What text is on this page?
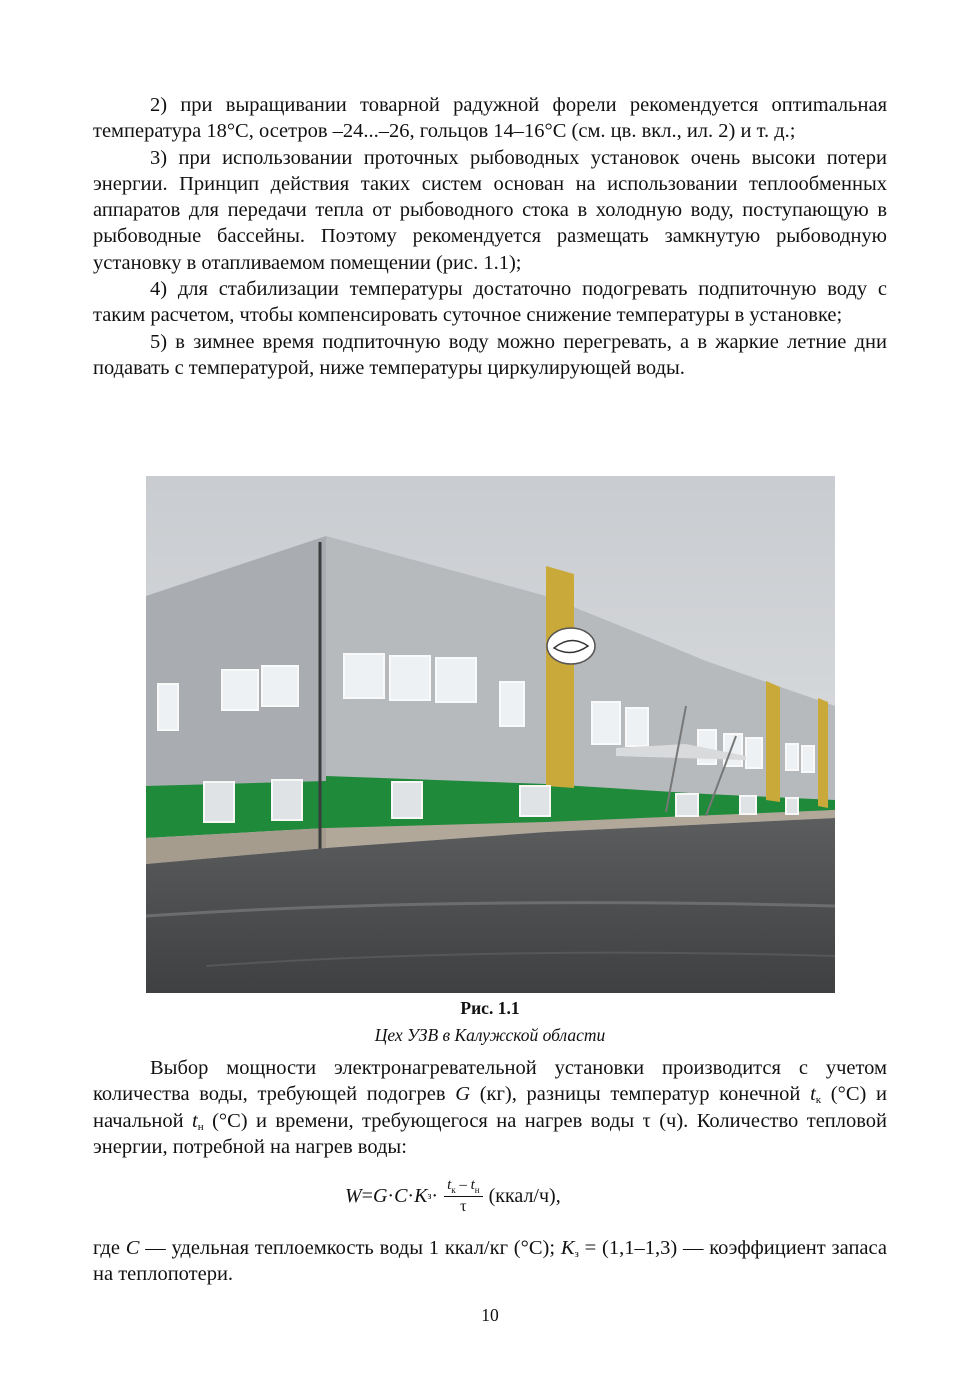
2) при выращивании товарной радужной форели рекомендуется оптиmальная температура 18°С, осетров –24...–26, гольцов 14–16°С (см. цв. вкл., ил. 2) и т. д.;

3) при использовании проточных рыбоводных установок очень высоки потери энергии. Принцип действия таких систем основан на использовании теплообменных аппаратов для передачи тепла от рыбоводного стока в холодную воду, поступающую в рыбоводные бассейны. Поэтому рекомендуется размещать замкнутую рыбоводную установку в отапливаемом помещении (рис. 1.1);

4) для стабилизации температуры достаточно подогревать подпиточную воду с таким расчетом, чтобы компенсировать суточное снижение температуры в установке;

5) в зимнее время подпиточную воду можно перегревать, а в жаркие летние дни подавать с температурой, ниже температуры циркулирующей воды.

Рис. 1.1
Цех УЗВ в Калужской области

Выбор мощности электронагревательной установки производится с учетом количества воды, требующей подогрев G (кг), разницы температур конечной $t_к$ (°С) и начальной $t_н$ (°С) и времени, требующегося на нагрев воды τ (ч). Количество тепловой энергии, потребной на нагрев воды:

W = G · C · K $з \cdot \frac{t_к - t_н}{\tau}$ (ккал/ч),

где C — удельная теплоемкость воды 1 ккал/кг (°С); $K_з = (1,1-1,3)$ — коэффициент запаса на теплопотери.

10
